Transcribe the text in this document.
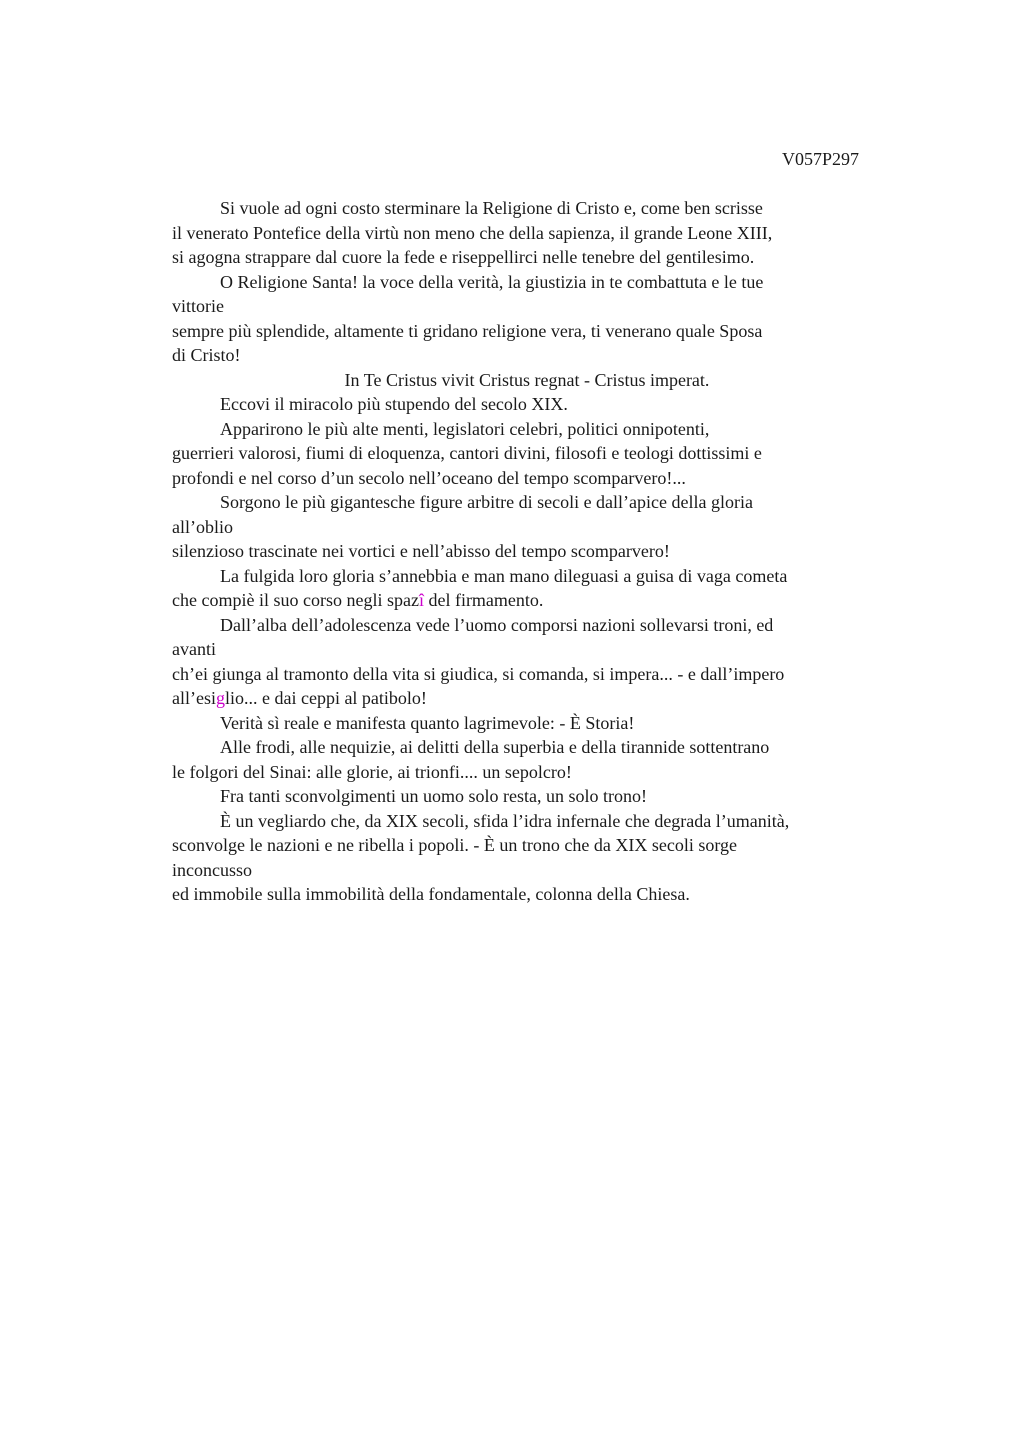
V057P297

Si vuole ad ogni costo sterminare la Religione di Cristo e, come ben scrisse

il venerato Pontefice della virtù non meno che della sapienza, il grande Leone XIII,

si agogna strappare dal cuore la fede e riseppellirci nelle tenebre del gentilesimo.

O Religione Santa! la voce della verità, la giustizia in te combattuta e le tue

vittorie

sempre più splendide, altamente ti gridano religione vera, ti venerano quale Sposa

di Cristo!

In Te Cristus vivit Cristus regnat - Cristus imperat.

Eccovi il miracolo più stupendo del secolo XIX.

Apparirono le più alte menti, legislatori celebri, politici onnipotenti,

guerrieri valorosi, fiumi di eloquenza, cantori divini, filosofi e teologi dottissimi e

profondi e nel corso d’un secolo nell’oceano del tempo scomparvero!...

Sorgono le più gigantesche figure arbitre di secoli e dall’apice della gloria

all’oblio

silenzioso trascinate nei vortici e nell’abisso del tempo scomparvero!

La fulgida loro gloria s’annebbia e man mano dileguasi a guisa di vaga cometa

che compiè il suo corso negli spazî del firmamento.

Dall’alba dell’adolescenza vede l’uomo comporsi nazioni sollevarsi troni, ed

avanti

ch’ei giunga al tramonto della vita si giudica, si comanda, si impera... - e dall’impero

all’esiglio... e dai ceppi al patibolo!

Verità sì reale e manifesta quanto lagrimevole: - È Storia!

Alle frodi, alle nequizie, ai delitti della superbia e della tirannide sottentrano

le folgori del Sinai: alle glorie, ai trionfi.... un sepolcro!

Fra tanti sconvolgimenti un uomo solo resta, un solo trono!

È un vegliardo che, da XIX secoli, sfida l’idra infernale che degrada l’umanità,

sconvolge le nazioni e ne ribella i popoli. - È un trono che da XIX secoli sorge

inconcusso

ed immobile sulla immobilità della fondamentale, colonna della Chiesa.
